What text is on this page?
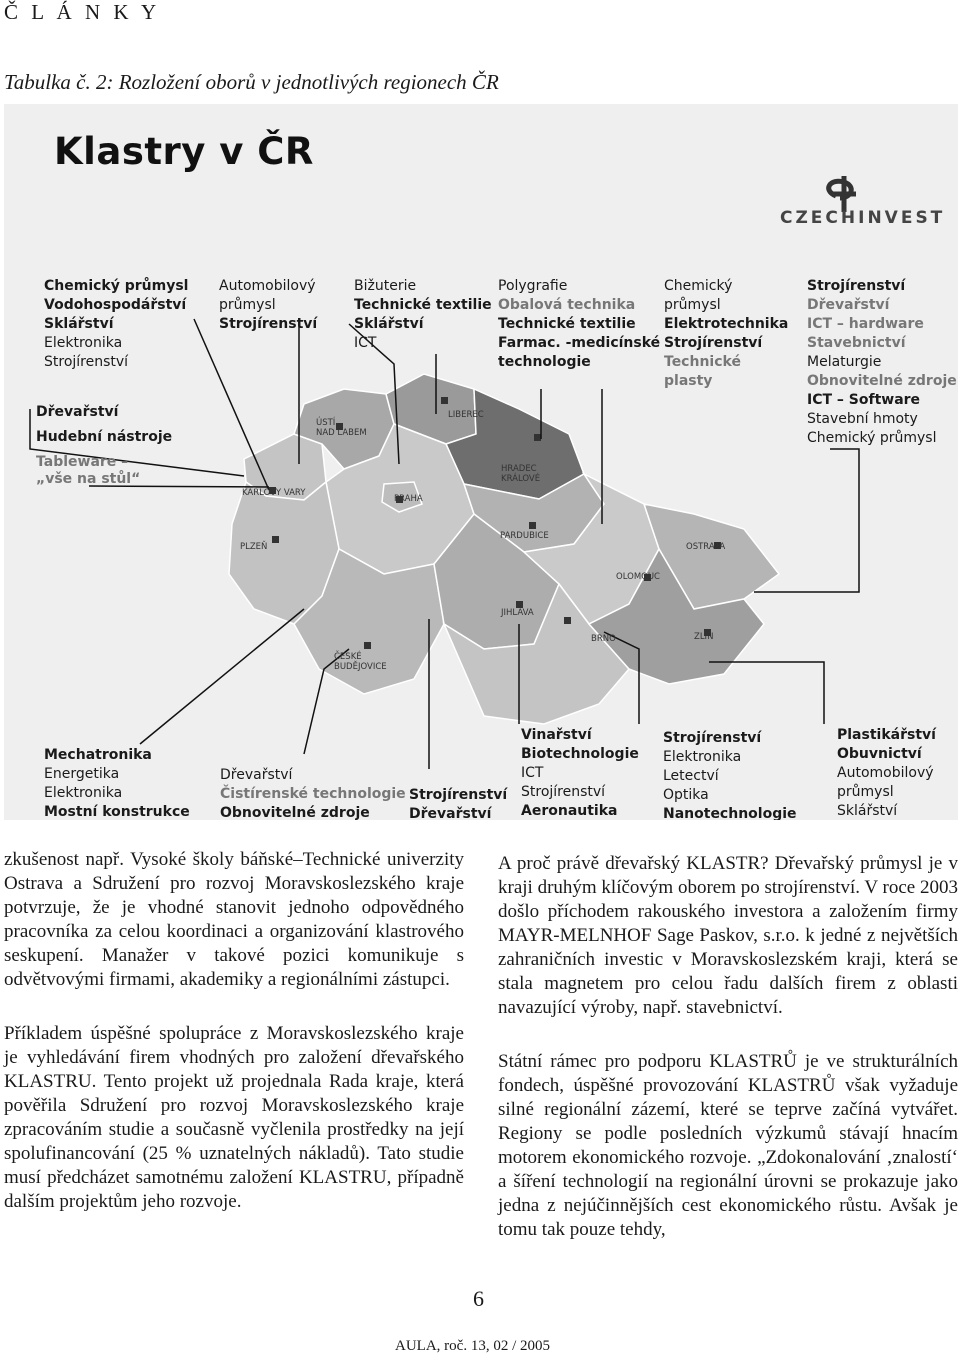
Č L Á N K Y
Tabulka č. 2: Rozložení oborů v jednotlivých regionech ČR
Klastry v ČR
CZECHINVEST
Chemický průmysl
Vodohospodářství
Sklářství
Elektronika
Strojírenství
Automobilový
průmysl
Strojírenství
Bižuterie
Technické textilie
Sklářství
ICT
Polygrafie
Obalová technika
Technické textilie
Farmac. -medicínské
technologie
Chemický
průmysl
Elektrotechnika
Strojírenství
Technické
plasty
Strojírenství
Dřevařství
ICT – hardware
Stavebnictví
Melaturgie
Obnovitelné zdroje
ICT – Software
Stavební hmoty
Chemický průmysl
Dřevařství
Hudební nástroje
Tableware –
„vše na stůl“
Mechatronika
Energetika
Elektronika
Mostní konstrukce
Dřevařství
Čistírenské technologie
Obnovitelné zdroje
Strojírenství
Dřevařství
Vinařství
Biotechnologie
ICT
Strojírenství
Aeronautika
Strojírenství
Elektronika
Letectví
Optika
Nanotechnologie
Plastikářství
Obuvnictví
Automobilový
průmysl
Sklářství
ÚSTÍ
NAD LABEM
LIBEREC
HRADEC
KRÁLOVÉ
KARLOVY VARY
PRAHA
PARDUBICE
PLZEŇ	OSTRAVA
OLOMOUC
JIHLAVA
BRNO	ZLÍN
ČESKÉ
BUDĚJOVICE

zkušenost např. Vysoké školy báňské–Technické univerzity Ostrava a Sdružení pro rozvoj Moravskoslezského kraje potvrzuje, že je vhodné stanovit jednoho odpovědného pracovníka za celou koordinaci a organizování klastrového seskupení. Manažer v takové pozici komunikuje s odvětvovými firmami, akademiky a regionálními zástupci.

Příkladem úspěšné spolupráce z Moravskoslezského kraje je vyhledávání firem vhodných pro založení dřevařského KLASTRU. Tento projekt už projednala Rada kraje, která pověřila Sdružení pro rozvoj Moravskoslezského kraje zpracováním studie a současně vyčlenila prostředky na její spolufinancování (25 % uznatelných nákladů). Tato studie musí předcházet samotnému založení KLASTRU, případně dalším projektům jeho rozvoje.

A proč právě dřevařský KLASTR? Dřevařský průmysl je v kraji druhým klíčovým oborem po strojírenství. V roce 2003 došlo příchodem rakouského investora a založením firmy MAYR-MELNHOF Sage Paskov, s.r.o. k jedné z největších zahraničních investic v Moravskoslezském kraji, která se stala magnetem pro celou řadu dalších firem z oblasti navazující výroby, např. stavebnictví.

Státní rámec pro podporu KLASTRŮ je ve strukturálních fondech, úspěšné provozování KLASTRŮ však vyžaduje silné regionální zázemí, které se teprve začíná vytvářet. Regiony se podle posledních výzkumů stávají hnacím motorem ekonomického rozvoje. „Zdokonalování ‚znalostí‘ a šíření technologií na regionální úrovni se prokazuje jako jedna z nejúčinnějších cest ekonomického růstu. Avšak je tomu tak pouze tehdy,

6
AULA, roč. 13, 02 / 2005
